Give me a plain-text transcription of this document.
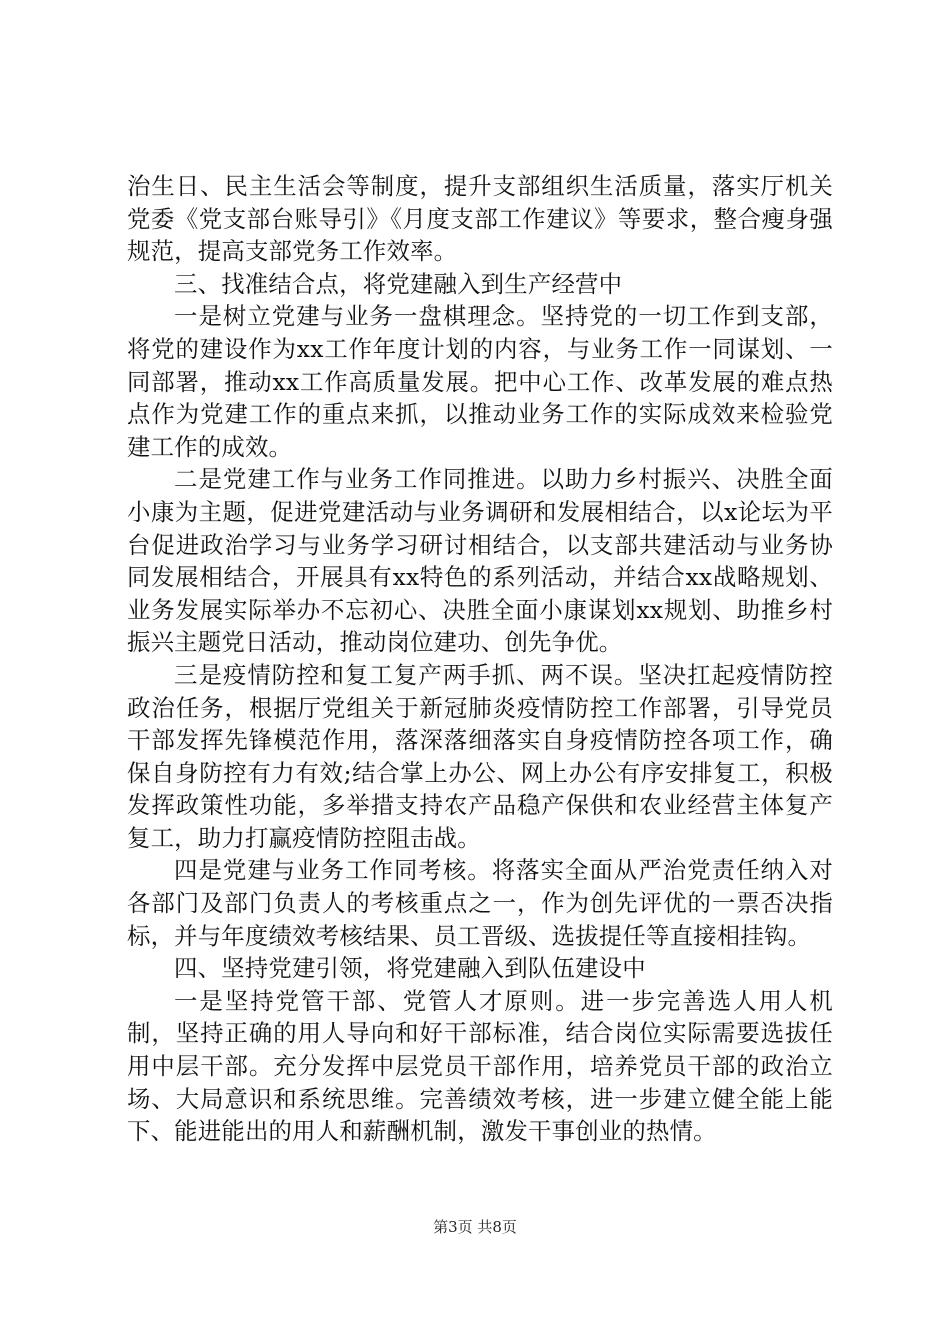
治生日、民主生活会等制度，提升支部组织生活质量，落实厅机关党委《党支部台账导引》《月度支部工作建议》等要求，整合瘦身强规范，提高支部党务工作效率。

三、找准结合点，将党建融入到生产经营中

一是树立党建与业务一盘棋理念。坚持党的一切工作到支部，将党的建设作为xx工作年度计划的内容，与业务工作一同谋划、一同部署，推动xx工作高质量发展。把中心工作、改革发展的难点热点作为党建工作的重点来抓，以推动业务工作的实际成效来检验党建工作的成效。

二是党建工作与业务工作同推进。以助力乡村振兴、决胜全面小康为主题，促进党建活动与业务调研和发展相结合，以x论坛为平台促进政治学习与业务学习研讨相结合，以支部共建活动与业务协同发展相结合，开展具有xx特色的系列活动，并结合xx战略规划、业务发展实际举办不忘初心、决胜全面小康谋划xx规划、助推乡村振兴主题党日活动，推动岗位建功、创先争优。

三是疫情防控和复工复产两手抓、两不误。坚决扛起疫情防控政治任务，根据厅党组关于新冠肺炎疫情防控工作部署，引导党员干部发挥先锋模范作用，落深落细落实自身疫情防控各项工作，确保自身防控有力有效;结合掌上办公、网上办公有序安排复工，积极发挥政策性功能，多举措支持农产品稳产保供和农业经营主体复产复工，助力打赢疫情防控阻击战。

四是党建与业务工作同考核。将落实全面从严治党责任纳入对各部门及部门负责人的考核重点之一，作为创先评优的一票否决指标，并与年度绩效考核结果、员工晋级、选拔提任等直接相挂钩。

四、坚持党建引领，将党建融入到队伍建设中

一是坚持党管干部、党管人才原则。进一步完善选人用人机制，坚持正确的用人导向和好干部标准，结合岗位实际需要选拔任用中层干部。充分发挥中层党员干部作用，培养党员干部的政治立场、大局意识和系统思维。完善绩效考核，进一步建立健全能上能下、能进能出的用人和薪酬机制，激发干事创业的热情。

第3页 共8页
